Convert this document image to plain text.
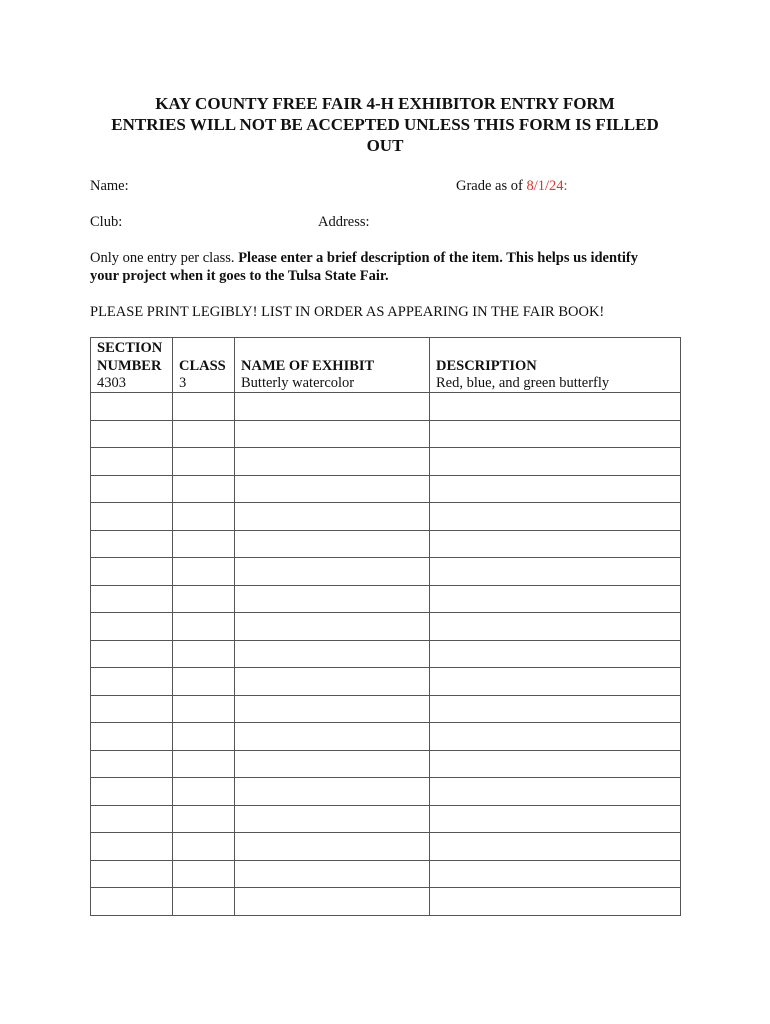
KAY COUNTY FREE FAIR 4-H EXHIBITOR ENTRY FORM
ENTRIES WILL NOT BE ACCEPTED UNLESS THIS FORM IS FILLED
OUT
Name:	Grade as of 8/1/24:
Club:	Address:
Only one entry per class. Please enter a brief description of the item. This helps us identify
your project when it goes to the Tulsa State Fair.
PLEASE PRINT LEGIBLY! LIST IN ORDER AS APPEARING IN THE FAIR BOOK!
SECTION
NUMBER	CLASS	NAME OF EXHIBIT	DESCRIPTION
4303	3	Butterly watercolor	Red, blue, and green butterfly
